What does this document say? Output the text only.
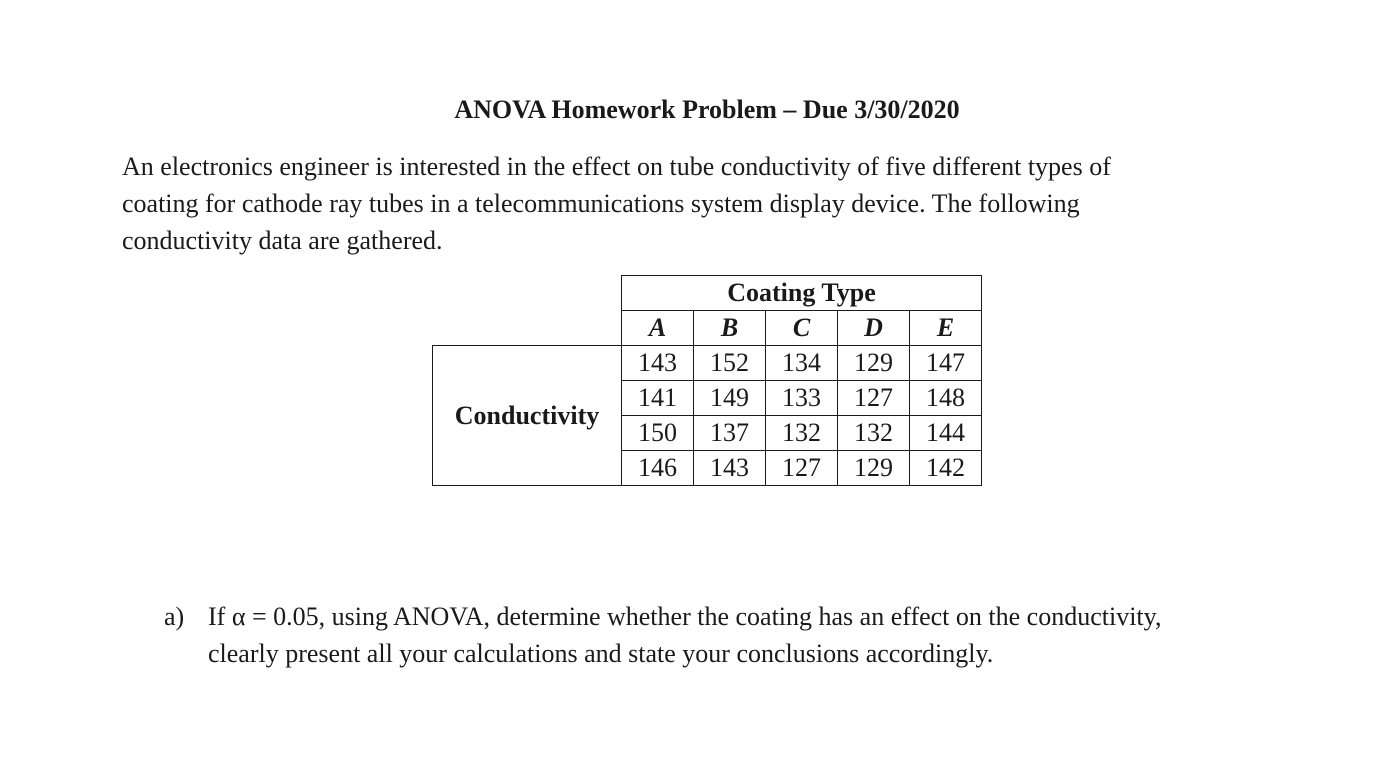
ANOVA Homework Problem – Due 3/30/2020
An electronics engineer is interested in the effect on tube conductivity of five different types of
coating for cathode ray tubes in a telecommunications system display device. The following
conductivity data are gathered.
	Coating Type				
	A	B	C	D	E
Conductivity	143	152	134	129	147
	141	149	133	127	148
	150	137	132	132	144
	146	143	127	129	142
a) If α = 0.05, using ANOVA, determine whether the coating has an effect on the conductivity,
clearly present all your calculations and state your conclusions accordingly.
